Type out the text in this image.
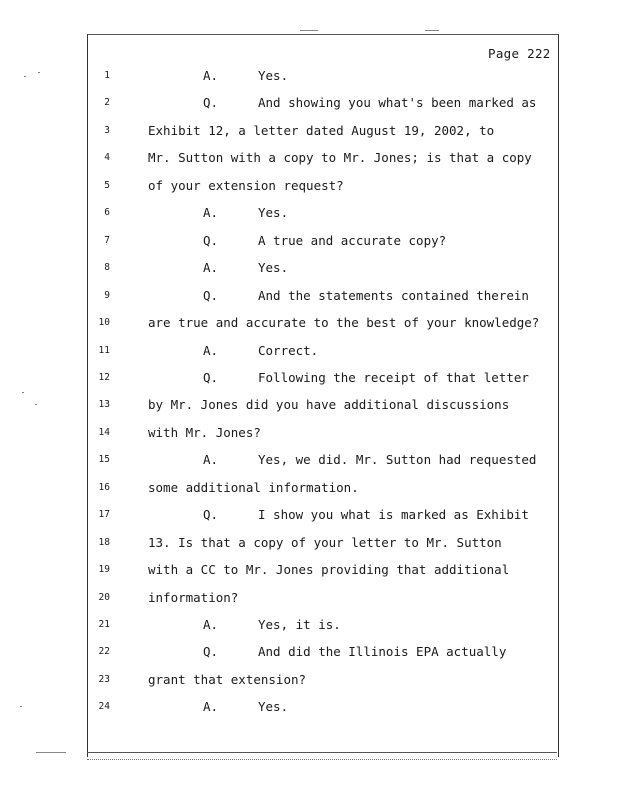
Page 222
1	A.	Yes.
2	Q.	And showing you what's been marked as
3	Exhibit 12, a letter dated August 19, 2002, to
4	Mr. Sutton with a copy to Mr. Jones; is that a copy
5	of your extension request?
6	A.	Yes.
7	Q.	A true and accurate copy?
8	A.	Yes.
9	Q.	And the statements contained therein
10	are true and accurate to the best of your knowledge?
11	A.	Correct.
12	Q.	Following the receipt of that letter
13	by Mr. Jones did you have additional discussions
14	with Mr. Jones?
15	A.	Yes, we did. Mr. Sutton had requested
16	some additional information.
17	Q.	I show you what is marked as Exhibit
18	13. Is that a copy of your letter to Mr. Sutton
19	with a CC to Mr. Jones providing that additional
20	information?
21	A.	Yes, it is.
22	Q.	And did the Illinois EPA actually
23	grant that extension?
24	A.	Yes.
